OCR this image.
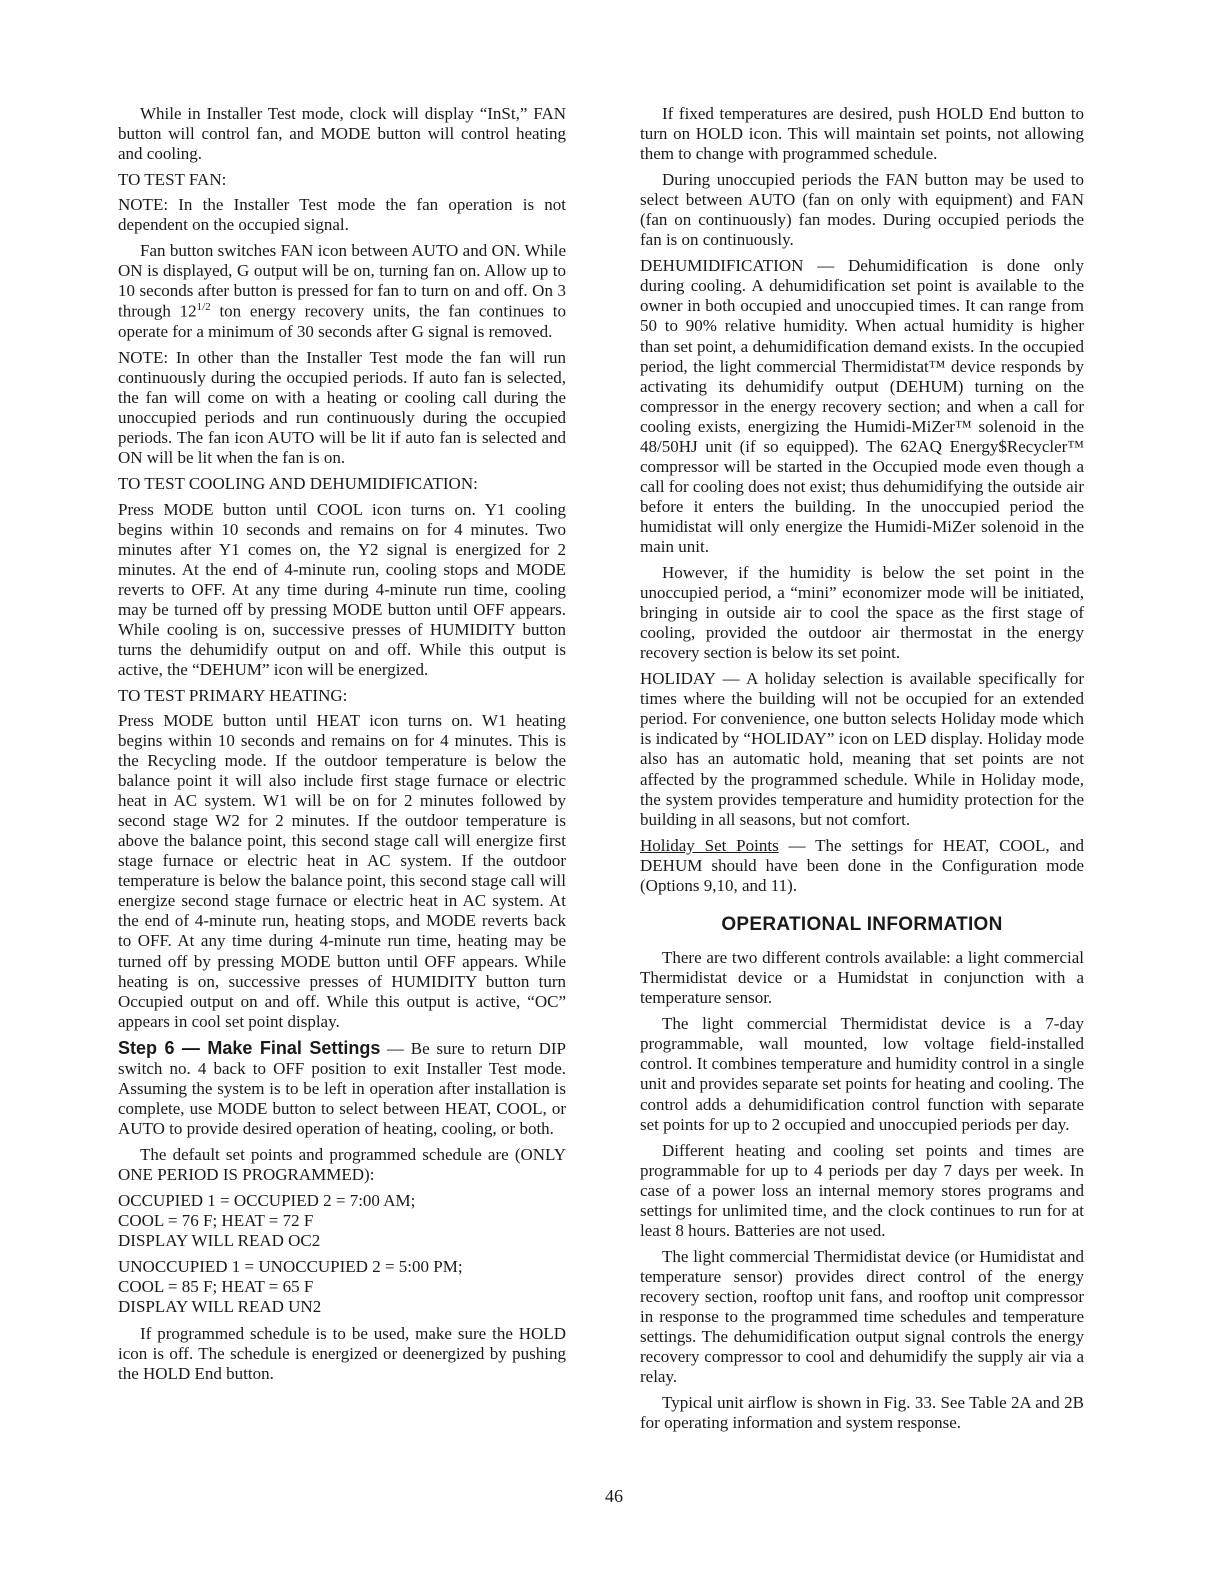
While in Installer Test mode, clock will display “InSt,” FAN button will control fan, and MODE button will control heating and cooling.

TO TEST FAN:

NOTE: In the Installer Test mode the fan operation is not dependent on the occupied signal.

Fan button switches FAN icon between AUTO and ON. While ON is displayed, G output will be on, turning fan on. Allow up to 10 seconds after button is pressed for fan to turn on and off. On 3 through $12^{1/2}$ ton energy recovery units, the fan continues to operate for a minimum of 30 seconds after G signal is removed.

NOTE: In other than the Installer Test mode the fan will run continuously during the occupied periods. If auto fan is selected, the fan will come on with a heating or cooling call during the unoccupied periods and run continuously during the occupied periods. The fan icon AUTO will be lit if auto fan is selected and ON will be lit when the fan is on.

TO TEST COOLING AND DEHUMIDIFICATION:

Press MODE button until COOL icon turns on. Y1 cooling begins within 10 seconds and remains on for 4 minutes. Two minutes after Y1 comes on, the Y2 signal is energized for 2 minutes. At the end of 4-minute run, cooling stops and MODE reverts to OFF. At any time during 4-minute run time, cooling may be turned off by pressing MODE button until OFF appears. While cooling is on, successive presses of HUMIDITY button turns the dehumidify output on and off. While this output is active, the “DEHUM” icon will be energized.

TO TEST PRIMARY HEATING:

Press MODE button until HEAT icon turns on. W1 heating begins within 10 seconds and remains on for 4 minutes. This is the Recycling mode. If the outdoor temperature is below the balance point it will also include first stage furnace or electric heat in AC system. W1 will be on for 2 minutes followed by second stage W2 for 2 minutes. If the outdoor temperature is above the balance point, this second stage call will energize first stage furnace or electric heat in AC system. If the outdoor temperature is below the balance point, this second stage call will energize second stage furnace or electric heat in AC system. At the end of 4-minute run, heating stops, and MODE reverts back to OFF. At any time during 4-minute run time, heating may be turned off by pressing MODE button until OFF appears. While heating is on, successive presses of HUMIDITY button turn Occupied output on and off. While this output is active, “OC” appears in cool set point display.

Step 6 — Make Final Settings — Be sure to return DIP switch no. 4 back to OFF position to exit Installer Test mode. Assuming the system is to be left in operation after installation is complete, use MODE button to select between HEAT, COOL, or AUTO to provide desired operation of heating, cooling, or both.

The default set points and programmed schedule are (ONLY ONE PERIOD IS PROGRAMMED):

OCCUPIED 1 = OCCUPIED 2 = 7:00 AM;
COOL = 76 F; HEAT = 72 F
DISPLAY WILL READ OC2

UNOCCUPIED 1 = UNOCCUPIED 2 = 5:00 PM;
COOL = 85 F; HEAT = 65 F
DISPLAY WILL READ UN2

If programmed schedule is to be used, make sure the HOLD icon is off. The schedule is energized or deenergized by pushing the HOLD End button.

If fixed temperatures are desired, push HOLD End button to turn on HOLD icon. This will maintain set points, not allowing them to change with programmed schedule.

During unoccupied periods the FAN button may be used to select between AUTO (fan on only with equipment) and FAN (fan on continuously) fan modes. During occupied periods the fan is on continuously.

DEHUMIDIFICATION — Dehumidification is done only during cooling. A dehumidification set point is available to the owner in both occupied and unoccupied times. It can range from 50 to 90% relative humidity. When actual humidity is higher than set point, a dehumidification demand exists. In the occupied period, the light commercial Thermidistat™ device responds by activating its dehumidify output (DEHUM) turning on the compressor in the energy recovery section; and when a call for cooling exists, energizing the Humidi-MiZer™ solenoid in the 48/50HJ unit (if so equipped). The 62AQ Energy$Recycler™ compressor will be started in the Occupied mode even though a call for cooling does not exist; thus dehumidifying the outside air before it enters the building. In the unoccupied period the humidistat will only energize the Humidi-MiZer solenoid in the main unit.

However, if the humidity is below the set point in the unoccupied period, a “mini” economizer mode will be initiated, bringing in outside air to cool the space as the first stage of cooling, provided the outdoor air thermostat in the energy recovery section is below its set point.

HOLIDAY — A holiday selection is available specifically for times where the building will not be occupied for an extended period. For convenience, one button selects Holiday mode which is indicated by “HOLIDAY” icon on LED display. Holiday mode also has an automatic hold, meaning that set points are not affected by the programmed schedule. While in Holiday mode, the system provides temperature and humidity protection for the building in all seasons, but not comfort.

Holiday Set Points — The settings for HEAT, COOL, and DEHUM should have been done in the Configuration mode (Options 9,10, and 11).

OPERATIONAL INFORMATION

There are two different controls available: a light commercial Thermidistat device or a Humidstat in conjunction with a temperature sensor.

The light commercial Thermidistat device is a 7-day programmable, wall mounted, low voltage field-installed control. It combines temperature and humidity control in a single unit and provides separate set points for heating and cooling. The control adds a dehumidification control function with separate set points for up to 2 occupied and unoccupied periods per day.

Different heating and cooling set points and times are programmable for up to 4 periods per day 7 days per week. In case of a power loss an internal memory stores programs and settings for unlimited time, and the clock continues to run for at least 8 hours. Batteries are not used.

The light commercial Thermidistat device (or Humidistat and temperature sensor) provides direct control of the energy recovery section, rooftop unit fans, and rooftop unit compressor in response to the programmed time schedules and temperature settings. The dehumidification output signal controls the energy recovery compressor to cool and dehumidify the supply air via a relay.

Typical unit airflow is shown in Fig. 33. See Table 2A and 2B for operating information and system response.

46
